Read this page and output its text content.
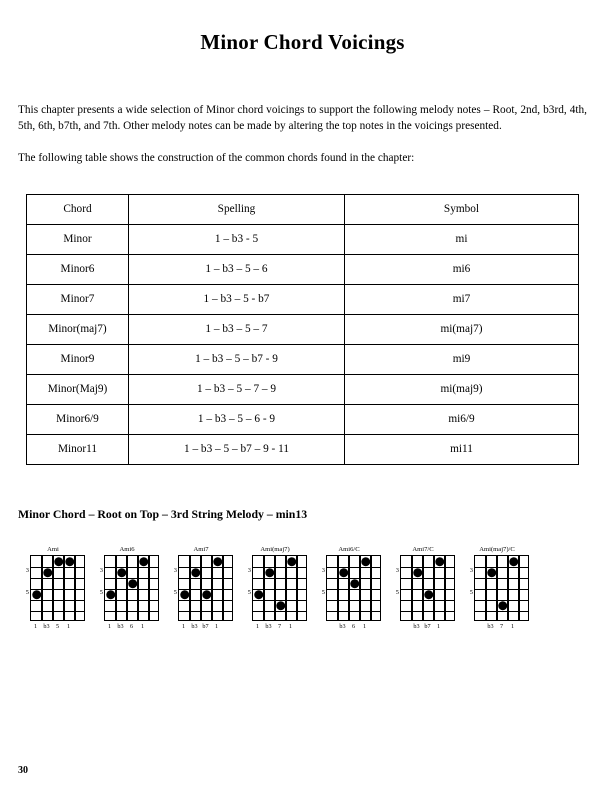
Minor Chord Voicings

This chapter presents a wide selection of Minor chord voicings to support the following melody notes – Root, 2nd, b3rd, 4th, 5th, 6th, b7th, and 7th. Other melody notes can be made by altering the top notes in the voicings presented.

The following table shows the construction of the common chords found in the chapter:

Chord	Spelling	Symbol
Minor	1 – b3 - 5	mi
Minor6	1 – b3 – 5 – 6	mi6
Minor7	1 – b3 – 5 - b7	mi7
Minor(maj7)	1 – b3 – 5 – 7	mi(maj7)
Minor9	1 – b3 – 5 – b7 - 9	mi9
Minor(Maj9)	1 – b3 – 5 – 7 – 9	mi(maj9)
Minor6/9	1 – b3 – 5 – 6 - 9	mi6/9
Minor11	1 – b3 – 5 – b7 – 9 - 11	mi11
Minor Chord – Root on Top – 3rd String Melody – min13
Ami
3
5
1 b3 5 1
Ami6
3
5
1 b3 6 1
Ami7
3
5
1 b3 b7 1
Ami(maj7)
3
5
1 b3 7 1
Ami6/C
3
5
b3 6 1
Ami7/C
3
5
b3 b7 1
Ami(maj7)/C
3
5
b3 7 1
30
